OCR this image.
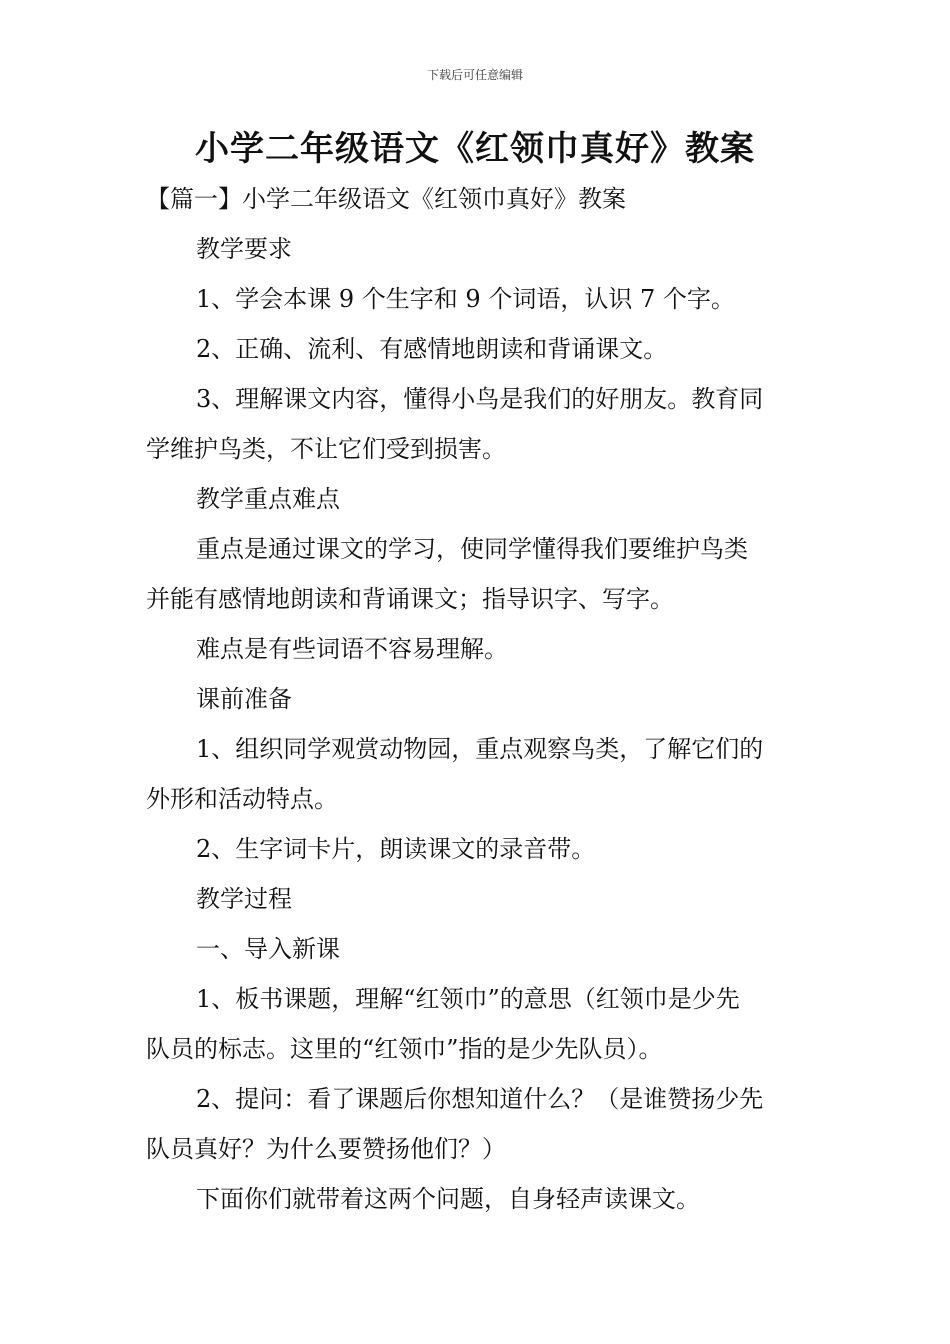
下载后可任意编辑
小学二年级语文《红领巾真好》教案
【篇一】小学二年级语文《红领巾真好》教案
教学要求
1、学会本课 9 个生字和 9 个词语，认识 7 个字。
2、正确、流利、有感情地朗读和背诵课文。
3、理解课文内容，懂得小鸟是我们的好朋友。教育同
学维护鸟类，不让它们受到损害。
教学重点难点
重点是通过课文的学习，使同学懂得我们要维护鸟类
并能有感情地朗读和背诵课文；指导识字、写字。
难点是有些词语不容易理解。
课前准备
1、组织同学观赏动物园，重点观察鸟类，了解它们的
外形和活动特点。
2、生字词卡片，朗读课文的录音带。
教学过程
一、导入新课
1、板书课题，理解“红领巾”的意思（红领巾是少先
队员的标志。这里的“红领巾”指的是少先队员）。
2、提问：看了课题后你想知道什么？（是谁赞扬少先
队员真好？为什么要赞扬他们？）
下面你们就带着这两个问题，自身轻声读课文。
